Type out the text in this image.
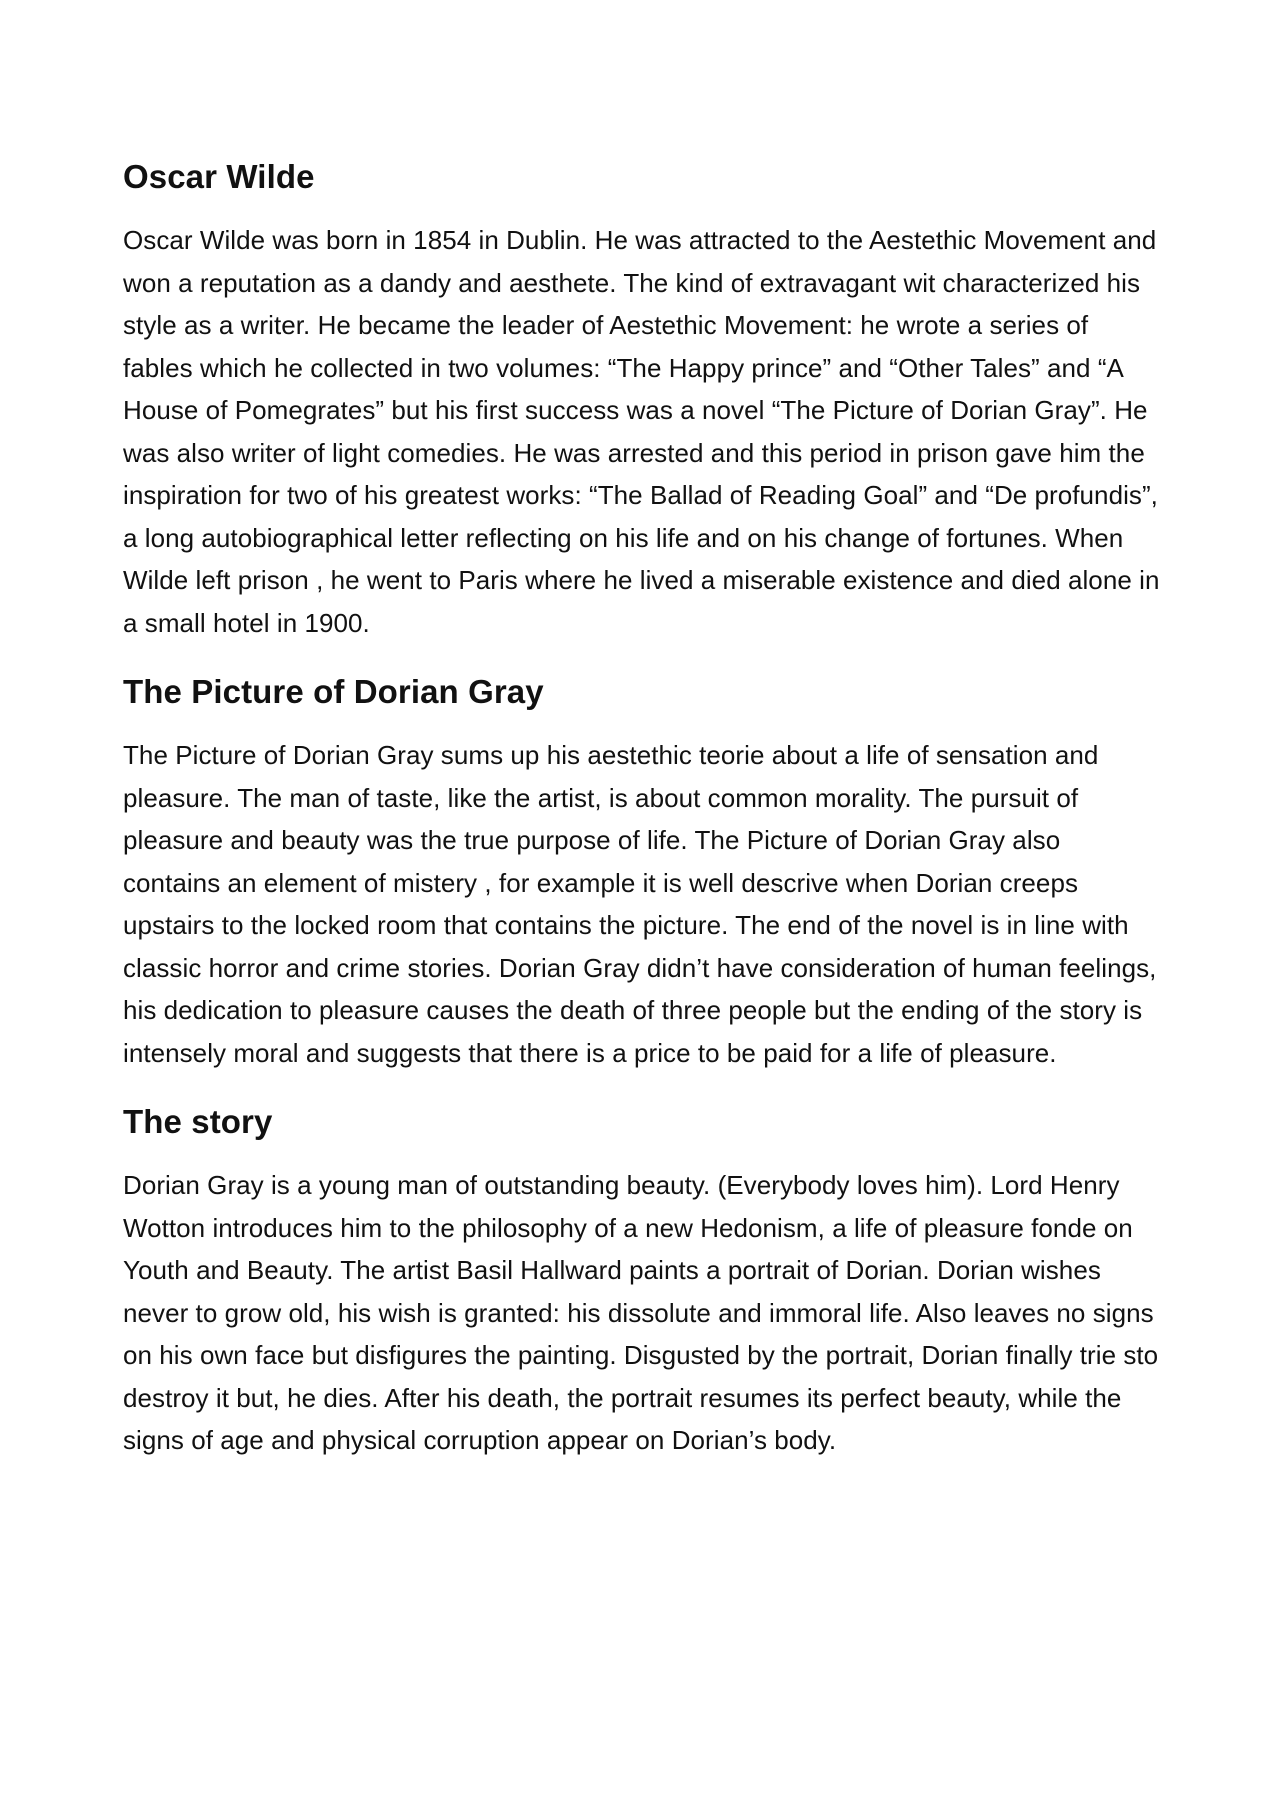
Oscar Wilde

Oscar Wilde was born in 1854 in Dublin. He was attracted to the Aestethic Movement and won a reputation as a dandy and aesthete. The kind of extravagant wit characterized his style as a writer. He became the leader of Aestethic Movement: he wrote a series of fables which he collected in two volumes: “The Happy prince” and “Other Tales” and “A House of Pomegrates” but his first success was a novel “The Picture of Dorian Gray”. He was also writer of light comedies. He was arrested and this period in prison gave him the inspiration for two of his greatest works: “The Ballad of Reading Goal” and “De profundis”, a long autobiographical letter reflecting on his life and on his change of fortunes. When Wilde left prison , he went to Paris where he lived a miserable existence and died alone in a small hotel in 1900.

The Picture of Dorian Gray

The Picture of Dorian Gray sums up his aestethic teorie about a life of sensation and pleasure. The man of taste, like the artist, is about common morality. The pursuit of pleasure and beauty was the true purpose of life. The Picture of Dorian Gray also contains an element of mistery , for example it is well descrive when Dorian creeps upstairs to the locked room that contains the picture. The end of the novel is in line with classic horror and crime stories. Dorian Gray didn’t have consideration of human feelings, his dedication to pleasure causes the death of three people but the ending of the story is intensely moral and suggests that there is a price to be paid for a life of pleasure.

The story

Dorian Gray is a young man of outstanding beauty. (Everybody loves him). Lord Henry Wotton introduces him to the philosophy of a new Hedonism, a life of pleasure fonde on Youth and Beauty. The artist Basil Hallward paints a portrait of Dorian. Dorian wishes never to grow old, his wish is granted: his dissolute and immoral life. Also leaves no signs on his own face but disfigures the painting. Disgusted by the portrait, Dorian finally trie sto destroy it but, he dies. After his death, the portrait resumes its perfect beauty, while the signs of age and physical corruption appear on Dorian’s body.
